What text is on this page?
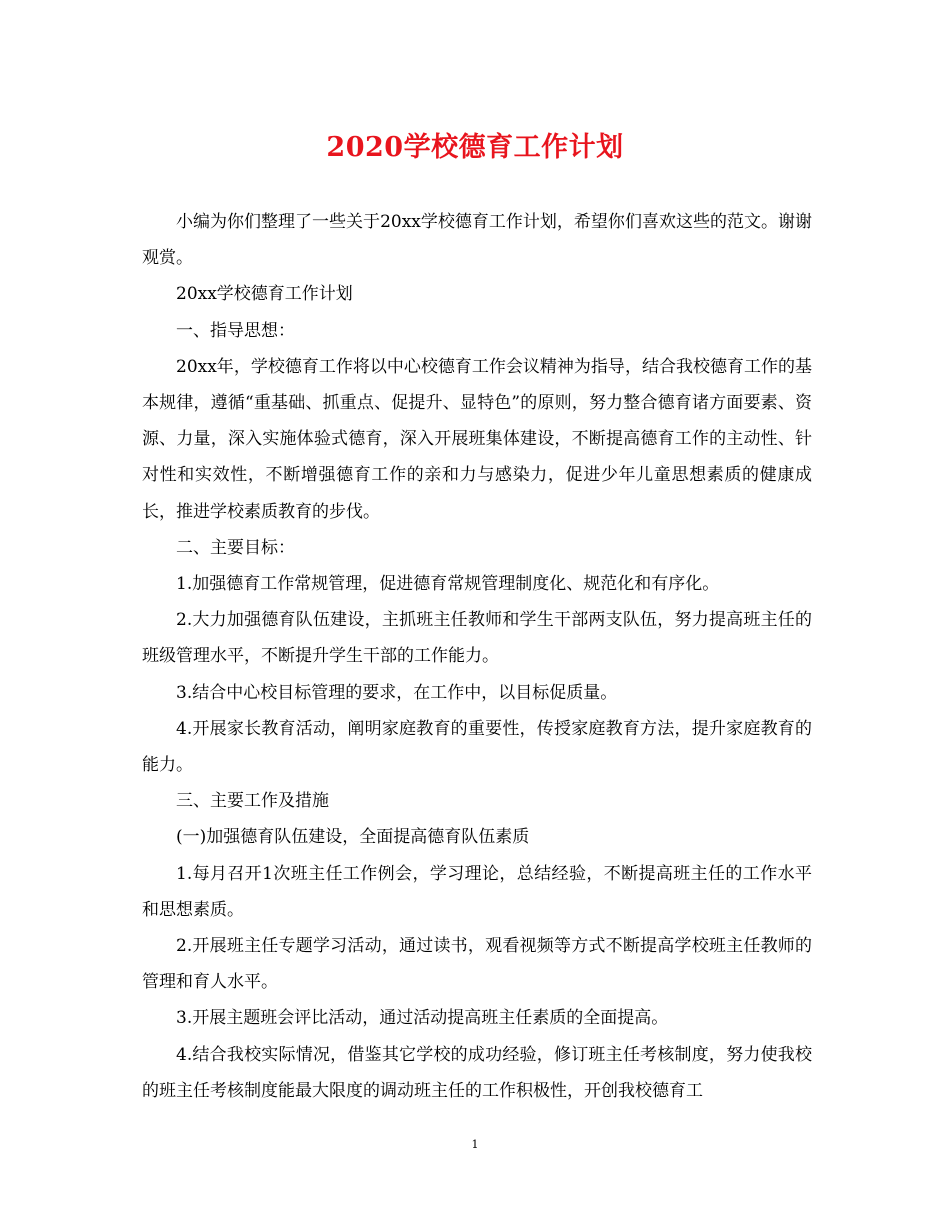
2020学校德育工作计划

小编为你们整理了一些关于20xx学校德育工作计划，希望你们喜欢这些的范文。谢谢观赏。

20xx学校德育工作计划

一、指导思想：

20xx年，学校德育工作将以中心校德育工作会议精神为指导，结合我校德育工作的基本规律，遵循“重基础、抓重点、促提升、显特色”的原则，努力整合德育诸方面要素、资源、力量，深入实施体验式德育，深入开展班集体建设，不断提高德育工作的主动性、针对性和实效性，不断增强德育工作的亲和力与感染力，促进少年儿童思想素质的健康成长，推进学校素质教育的步伐。

二、主要目标：

1.加强德育工作常规管理，促进德育常规管理制度化、规范化和有序化。

2.大力加强德育队伍建设，主抓班主任教师和学生干部两支队伍，努力提高班主任的班级管理水平，不断提升学生干部的工作能力。

3.结合中心校目标管理的要求，在工作中，以目标促质量。

4.开展家长教育活动，阐明家庭教育的重要性，传授家庭教育方法，提升家庭教育的能力。

三、主要工作及措施

(一)加强德育队伍建设，全面提高德育队伍素质

1.每月召开1次班主任工作例会，学习理论，总结经验，不断提高班主任的工作水平和思想素质。

2.开展班主任专题学习活动，通过读书，观看视频等方式不断提高学校班主任教师的管理和育人水平。

3.开展主题班会评比活动，通过活动提高班主任素质的全面提高。

4.结合我校实际情况，借鉴其它学校的成功经验，修订班主任考核制度，努力使我校的班主任考核制度能最大限度的调动班主任的工作积极性，开创我校德育工

1
